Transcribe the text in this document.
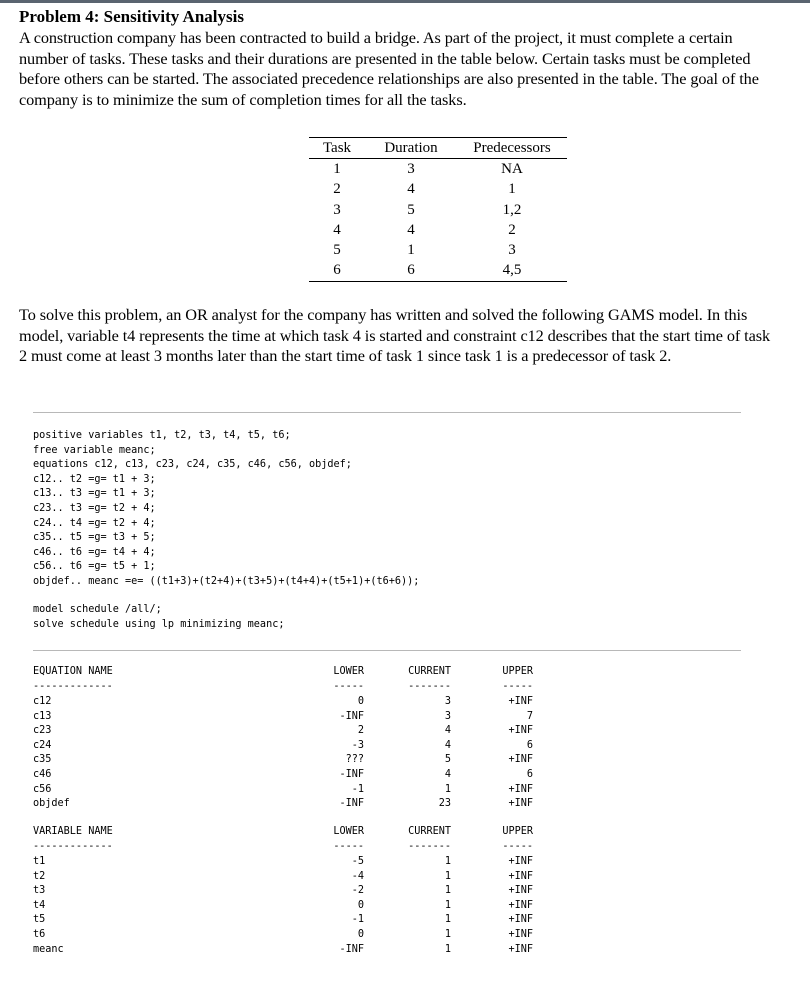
Problem 4: Sensitivity Analysis

A construction company has been contracted to build a bridge. As part of the project, it must complete a certain number of tasks. These tasks and their durations are presented in the table below. Certain tasks must be completed before others can be started. The associated precedence relationships are also presented in the table. The goal of the company is to minimize the sum of completion times for all the tasks.

Task	Duration	Predecessors
1	3	NA
2	4	1
3	5	1,2
4	4	2
5	1	3
6	6	4,5

To solve this problem, an OR analyst for the company has written and solved the following GAMS model. In this model, variable t4 represents the time at which task 4 is started and constraint c12 describes that the start time of task 2 must come at least 3 months later than the start time of task 1 since task 1 is a predecessor of task 2.

positive variables t1, t2, t3, t4, t5, t6;
free variable meanc;
equations c12, c13, c23, c24, c35, c46, c56, objdef;
c12.. t2 =g= t1 + 3;
c13.. t3 =g= t1 + 3;
c23.. t3 =g= t2 + 4;
c24.. t4 =g= t2 + 4;
c35.. t5 =g= t3 + 5;
c46.. t6 =g= t4 + 4;
c56.. t6 =g= t5 + 1;
objdef.. meanc =e= ((t1+3)+(t2+4)+(t3+5)+(t4+4)+(t5+1)+(t6+6));
model schedule /all/;
solve schedule using lp minimizing meanc;
EQUATION NAME	LOWER	CURRENT	UPPER
-------------	-----	-------	-----
c12	0	3	+INF
c13	-INF	3	7
c23	2	4	+INF
c24	-3	4	6
c35	???	5	+INF
c46	-INF	4	6
c56	-1	1	+INF
objdef	-INF	23	+INF
VARIABLE NAME	LOWER	CURRENT	UPPER
-------------	-----	-------	-----
t1	-5	1	+INF
t2	-4	1	+INF
t3	-2	1	+INF
t4	0	1	+INF
t5	-1	1	+INF
t6	0	1	+INF
meanc	-INF	1	+INF
